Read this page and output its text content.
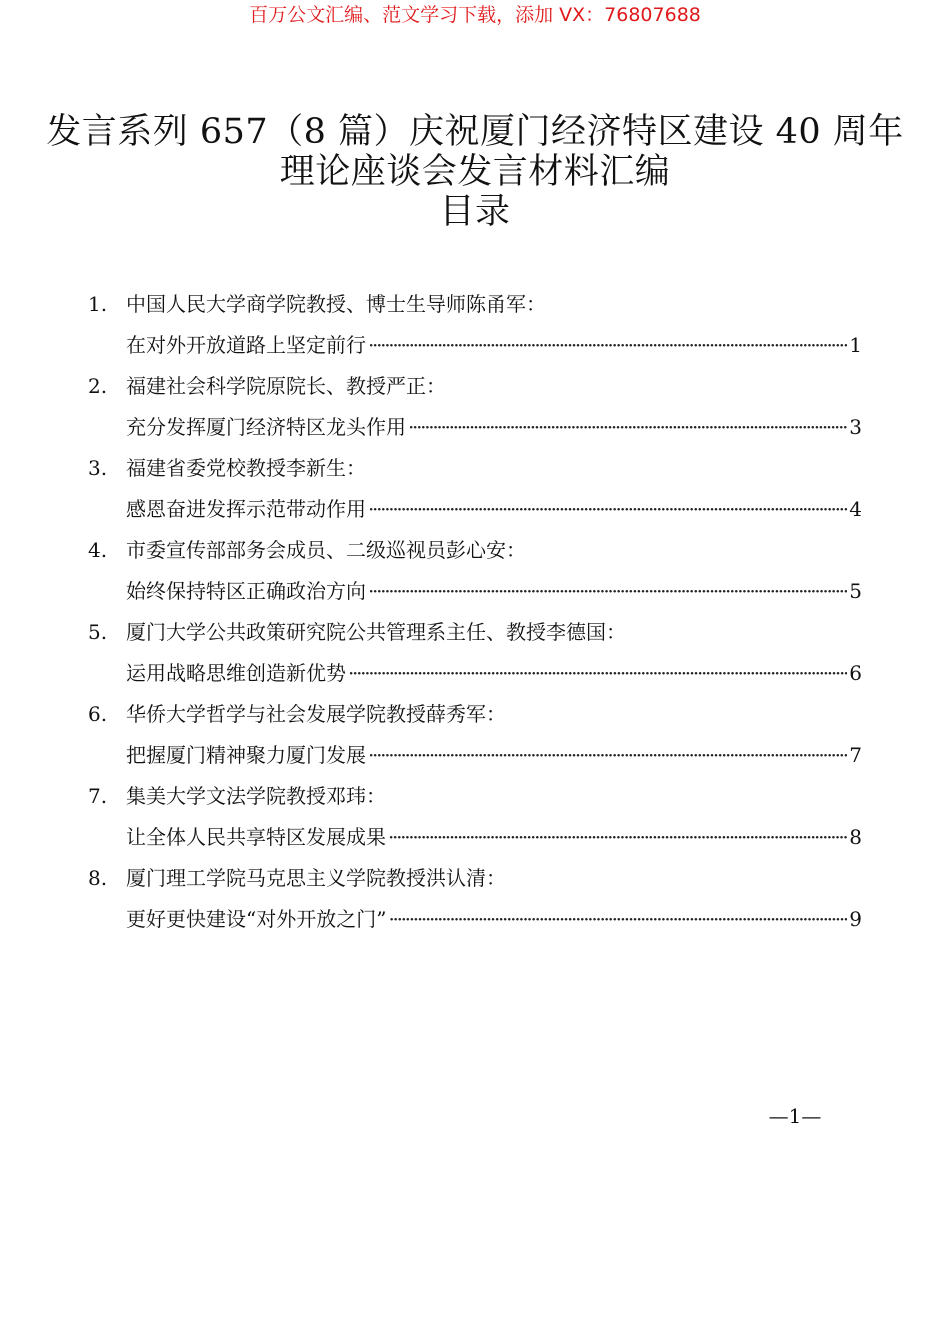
百万公文汇编、范文学习下载，添加 VX：76807688
发言系列 657（8 篇）庆祝厦门经济特区建设 40 周年
理论座谈会发言材料汇编
目录
1. 中国人民大学商学院教授、博士生导师陈甬军：
在对外开放道路上坚定前行 ·····	1
2. 福建社会科学院原院长、教授严正：
充分发挥厦门经济特区龙头作用 ·····	3
3. 福建省委党校教授李新生：
感恩奋进发挥示范带动作用 ·····	4
4. 市委宣传部部务会成员、二级巡视员彭心安：
始终保持特区正确政治方向 ·····	5
5. 厦门大学公共政策研究院公共管理系主任、教授李德国：
运用战略思维创造新优势 ·····	6
6. 华侨大学哲学与社会发展学院教授薛秀军：
把握厦门精神聚力厦门发展 ·····	7
7. 集美大学文法学院教授邓玮：
让全体人民共享特区发展成果 ·····	8
8. 厦门理工学院马克思主义学院教授洪认清：
更好更快建设“对外开放之门” ·····	9
—1—
